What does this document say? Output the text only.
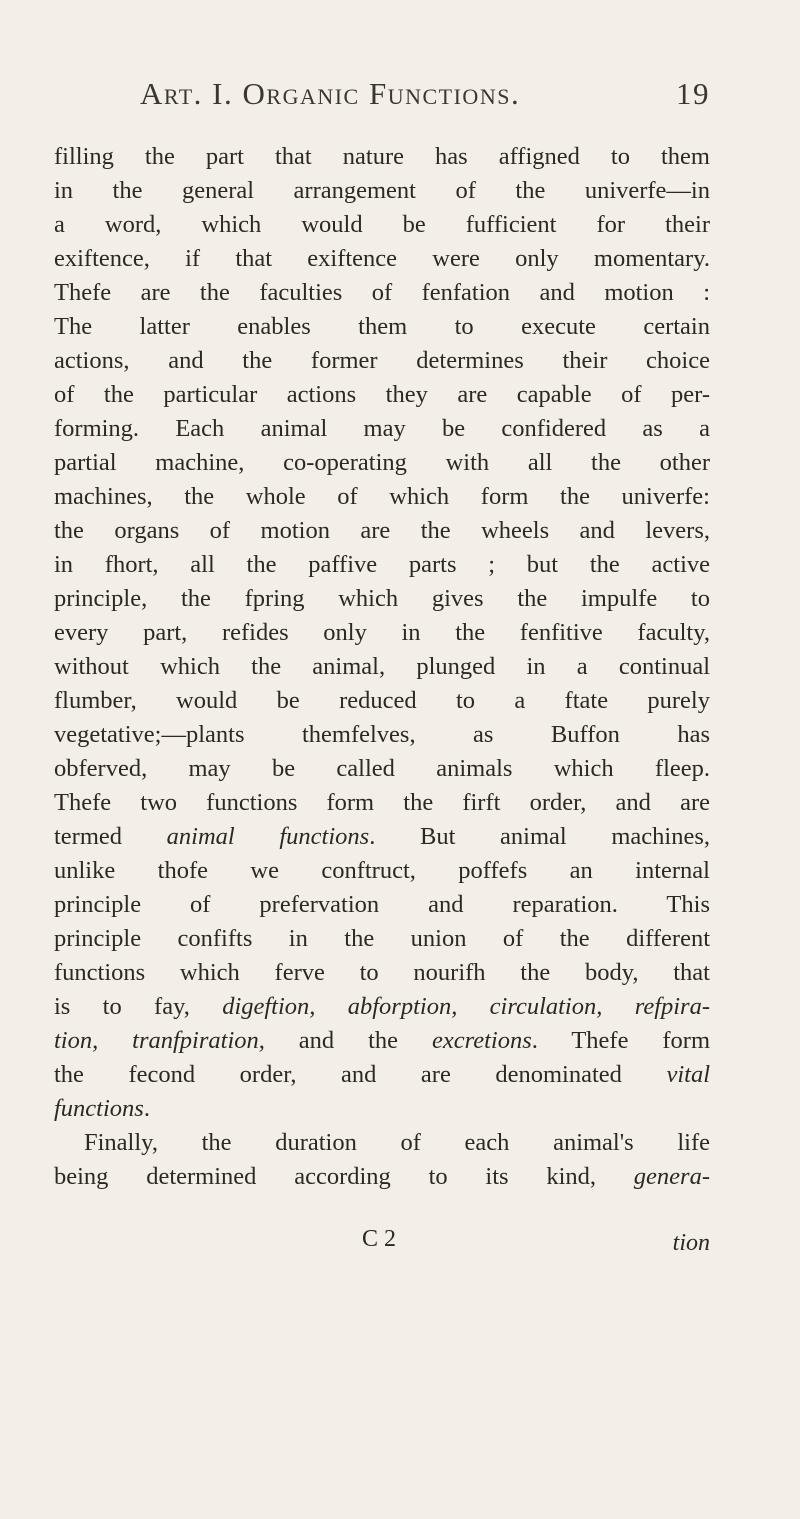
Art. I. Organic Functions.	19
filling the part that nature has affigned to them
in the general arrangement of the univerfe—in
a word, which would be fufficient for their
exiftence, if that exiftence were only momentary.
Thefe are the faculties of fenfation and motion :
The latter enables them to execute certain
actions, and the former determines their choice
of the particular actions they are capable of per-
forming. Each animal may be confidered as a
partial machine, co-operating with all the other
machines, the whole of which form the univerfe:
the organs of motion are the wheels and levers,
in fhort, all the paffive parts ; but the active
principle, the fpring which gives the impulfe to
every part, refides only in the fenfitive faculty,
without which the animal, plunged in a continual
flumber, would be reduced to a ftate purely
vegetative;—plants themfelves, as Buffon has
obferved, may be called animals which fleep.
Thefe two functions form the firft order, and are
termed animal functions. But animal machines,
unlike thofe we conftruct, poffefs an internal
principle of prefervation and reparation. This
principle confifts in the union of the different
functions which ferve to nourifh the body, that
is to fay, digeftion, abforption, circulation, refpira-
tion, tranfpiration, and the excretions. Thefe form
the fecond order, and are denominated vital
functions.
Finally, the duration of each animal's life
being determined according to its kind, genera-
C 2	tion
